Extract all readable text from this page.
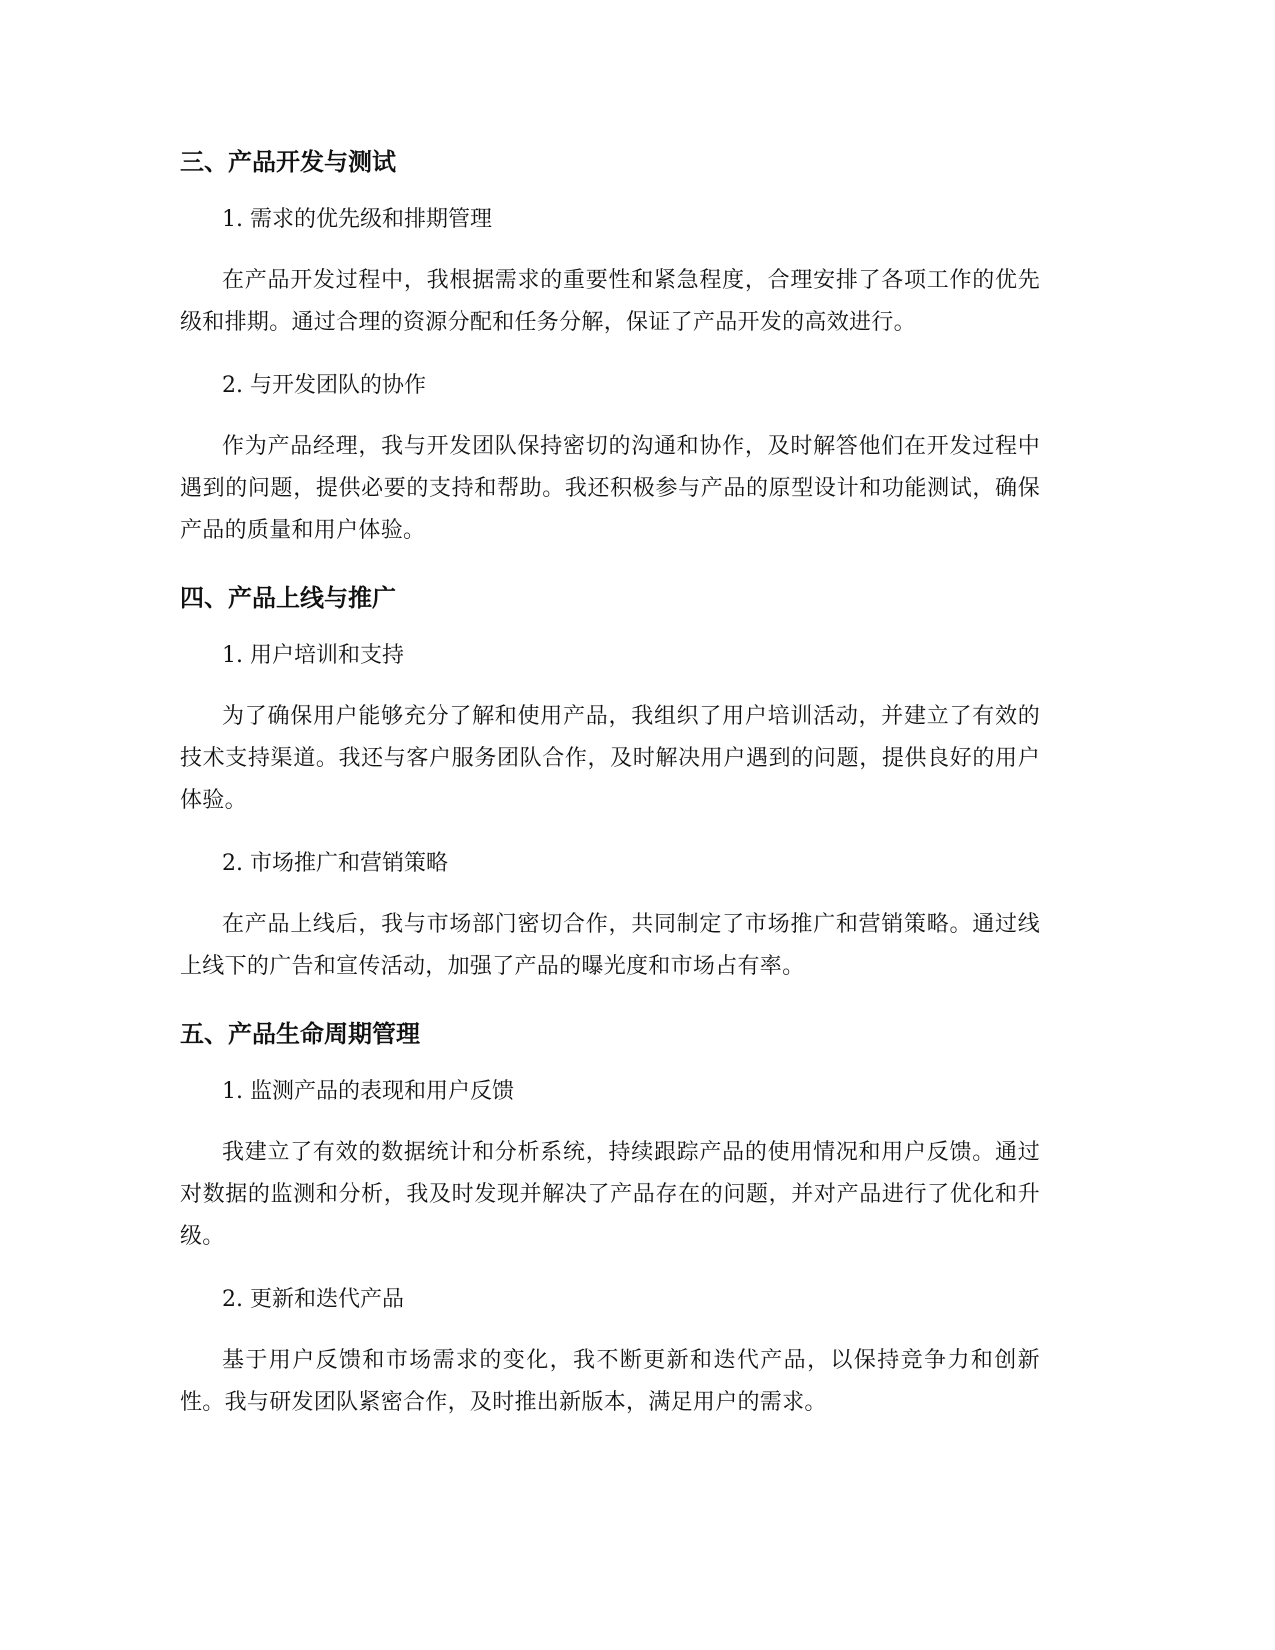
三、产品开发与测试

1. 需求的优先级和排期管理

在产品开发过程中，我根据需求的重要性和紧急程度，合理安排了各项工作的优先级和排期。通过合理的资源分配和任务分解，保证了产品开发的高效进行。

2. 与开发团队的协作

作为产品经理，我与开发团队保持密切的沟通和协作，及时解答他们在开发过程中遇到的问题，提供必要的支持和帮助。我还积极参与产品的原型设计和功能测试，确保产品的质量和用户体验。

四、产品上线与推广

1. 用户培训和支持

为了确保用户能够充分了解和使用产品，我组织了用户培训活动，并建立了有效的技术支持渠道。我还与客户服务团队合作，及时解决用户遇到的问题，提供良好的用户体验。

2. 市场推广和营销策略

在产品上线后，我与市场部门密切合作，共同制定了市场推广和营销策略。通过线上线下的广告和宣传活动，加强了产品的曝光度和市场占有率。

五、产品生命周期管理

1. 监测产品的表现和用户反馈

我建立了有效的数据统计和分析系统，持续跟踪产品的使用情况和用户反馈。通过对数据的监测和分析，我及时发现并解决了产品存在的问题，并对产品进行了优化和升级。

2. 更新和迭代产品

基于用户反馈和市场需求的变化，我不断更新和迭代产品，以保持竞争力和创新性。我与研发团队紧密合作，及时推出新版本，满足用户的需求。
